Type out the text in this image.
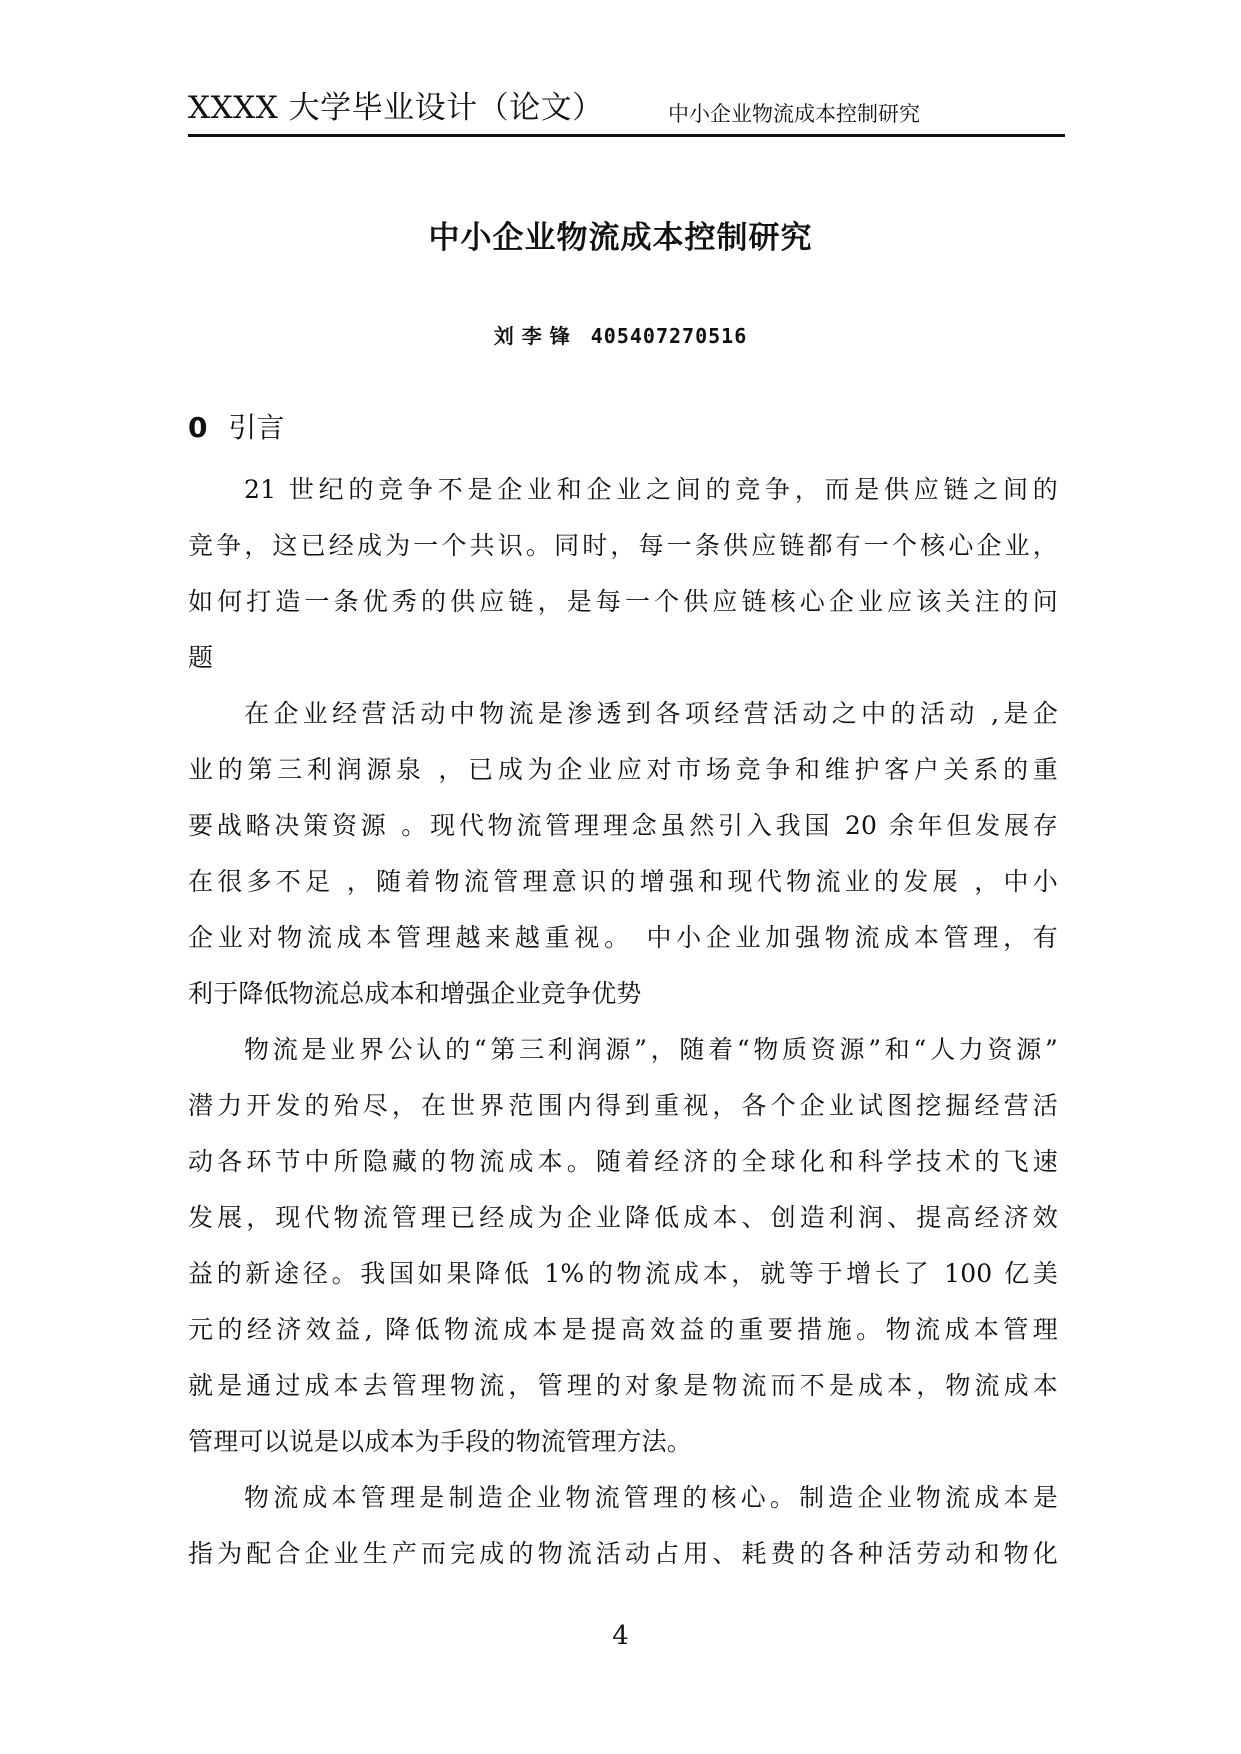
XXXX 大学毕业设计（论文）	中小企业物流成本控制研究
中小企业物流成本控制研究
刘李锋 405407270516
0 引言
21 世纪的竞争不是企业和企业之间的竞争，而是供应链之间的
竞争，这已经成为一个共识。同时，每一条供应链都有一个核心企业，
如何打造一条优秀的供应链，是每一个供应链核心企业应该关注的问
题
在企业经营活动中物流是渗透到各项经营活动之中的活动 ,是企
业的第三利润源泉 ，已成为企业应对市场竞争和维护客户关系的重
要战略决策资源 。现代物流管理理念虽然引入我国 20 余年但发展存
在很多不足 ，随着物流管理意识的增强和现代物流业的发展 ，中小
企业对物流成本管理越来越重视。 中小企业加强物流成本管理，有
利于降低物流总成本和增强企业竞争优势
物流是业界公认的“第三利润源”，随着“物质资源”和“人力资源”
潜力开发的殆尽，在世界范围内得到重视，各个企业试图挖掘经营活
动各环节中所隐藏的物流成本。随着经济的全球化和科学技术的飞速
发展，现代物流管理已经成为企业降低成本、创造利润、提高经济效
益的新途径。我国如果降低 1%的物流成本，就等于增长了 100 亿美
元的经济效益, 降低物流成本是提高效益的重要措施。物流成本管理
就是通过成本去管理物流，管理的对象是物流而不是成本，物流成本
管理可以说是以成本为手段的物流管理方法。
物流成本管理是制造企业物流管理的核心。制造企业物流成本是
指为配合企业生产而完成的物流活动占用、耗费的各种活劳动和物化
4
